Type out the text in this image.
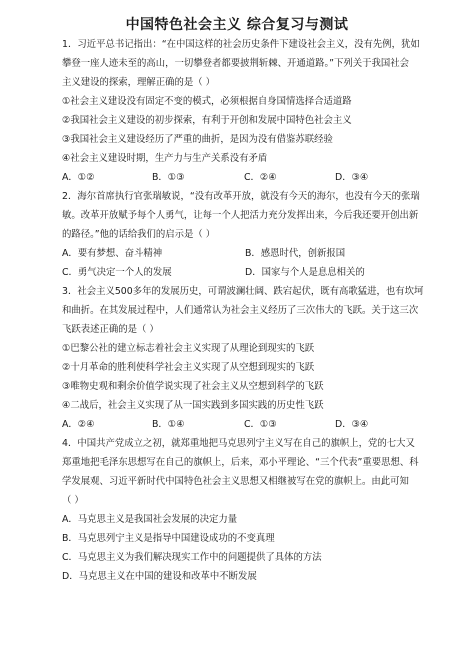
中国特色社会主义 综合复习与测试
1．习近平总书记指出：“在中国这样的社会历史条件下建设社会主义，没有先例，犹如
攀登一座人迹未至的高山，一切攀登者都要披荆斩棘、开通道路。”下列关于我国社会
主义建设的探索，理解正确的是（ ）
①社会主义建设没有固定不变的模式，必须根据自身国情选择合适道路
②我国社会主义建设的初步探索，有利于开创和发展中国特色社会主义
③我国社会主义建设经历了严重的曲折，是因为没有借鉴苏联经验
④社会主义建设时期，生产力与生产关系没有矛盾
A．①②	B．①③	C．②④	D．③④
2．海尔首席执行官张瑞敏说，“没有改革开放，就没有今天的海尔，也没有今天的张瑞
敏。改革开放赋予每个人勇气，让每一个人把活力充分发挥出来，今后我还要开创出新
的路径。”他的话给我们的启示是（ ）
A．要有梦想、奋斗精神	B．感恩时代，创新报国
C．勇气决定一个人的发展	D．国家与个人是息息相关的
3．社会主义500多年的发展历史，可谓波澜壮阔、跌宕起伏，既有高歌猛进，也有坎坷
和曲折。在其发展过程中，人们通常认为社会主义经历了三次伟大的飞跃。关于这三次
飞跃表述正确的是（ ）
①巴黎公社的建立标志着社会主义实现了从理论到现实的飞跃
②十月革命的胜利使科学社会主义实现了从空想到现实的飞跃
③唯物史观和剩余价值学说实现了社会主义从空想到科学的飞跃
④二战后，社会主义实现了从一国实践到多国实践的历史性飞跃
A．②④	B．①④	C．①③	D．③④
4．中国共产党成立之初，就郑重地把马克思列宁主义写在自己的旗帜上，党的七大又
郑重地把毛泽东思想写在自己的旗帜上，后来，邓小平理论、“三个代表”重要思想、科
学发展观、习近平新时代中国特色社会主义思想又相继被写在党的旗帜上。由此可知
（ ）
A．马克思主义是我国社会发展的决定力量
B．马克思列宁主义是指导中国建设成功的不变真理
C．马克思主义为我们解决现实工作中的问题提供了具体的方法
D．马克思主义在中国的建设和改革中不断发展
